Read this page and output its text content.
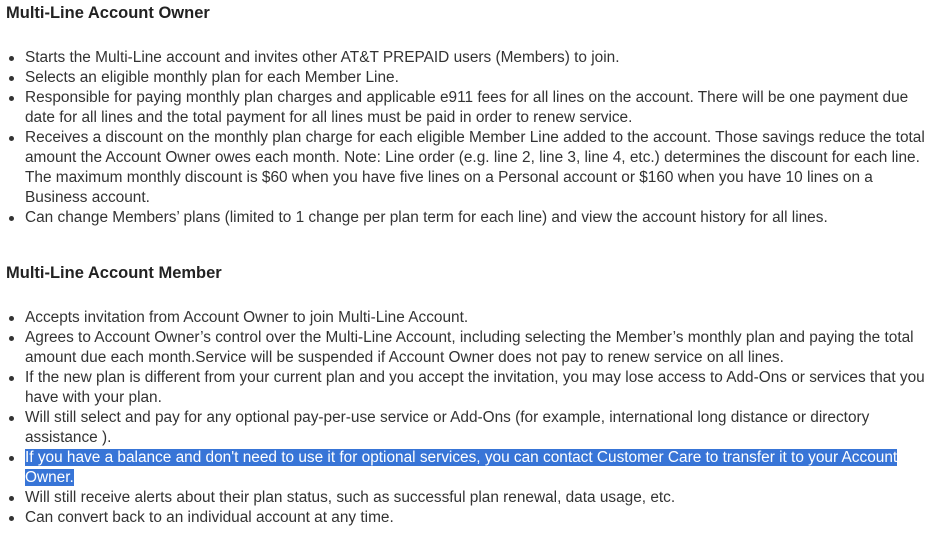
Multi-Line Account Owner
Starts the Multi-Line account and invites other AT&T PREPAID users (Members) to join.
Selects an eligible monthly plan for each Member Line.
Responsible for paying monthly plan charges and applicable e911 fees for all lines on the account. There will be one payment due date for all lines and the total payment for all lines must be paid in order to renew service.
Receives a discount on the monthly plan charge for each eligible Member Line added to the account. Those savings reduce the total amount the Account Owner owes each month. Note: Line order (e.g. line 2, line 3, line 4, etc.) determines the discount for each line. The maximum monthly discount is $60 when you have five lines on a Personal account or $160 when you have 10 lines on a Business account.
Can change Members’ plans (limited to 1 change per plan term for each line) and view the account history for all lines.
Multi-Line Account Member
Accepts invitation from Account Owner to join Multi-Line Account.
Agrees to Account Owner’s control over the Multi-Line Account, including selecting the Member’s monthly plan and paying the total amount due each month.Service will be suspended if Account Owner does not pay to renew service on all lines.
If the new plan is different from your current plan and you accept the invitation, you may lose access to Add-Ons or services that you have with your plan.
Will still select and pay for any optional pay-per-use service or Add-Ons (for example, international long distance or directory assistance ).
If you have a balance and don't need to use it for optional services, you can contact Customer Care to transfer it to your Account Owner.
Will still receive alerts about their plan status, such as successful plan renewal, data usage, etc.
Can convert back to an individual account at any time.
